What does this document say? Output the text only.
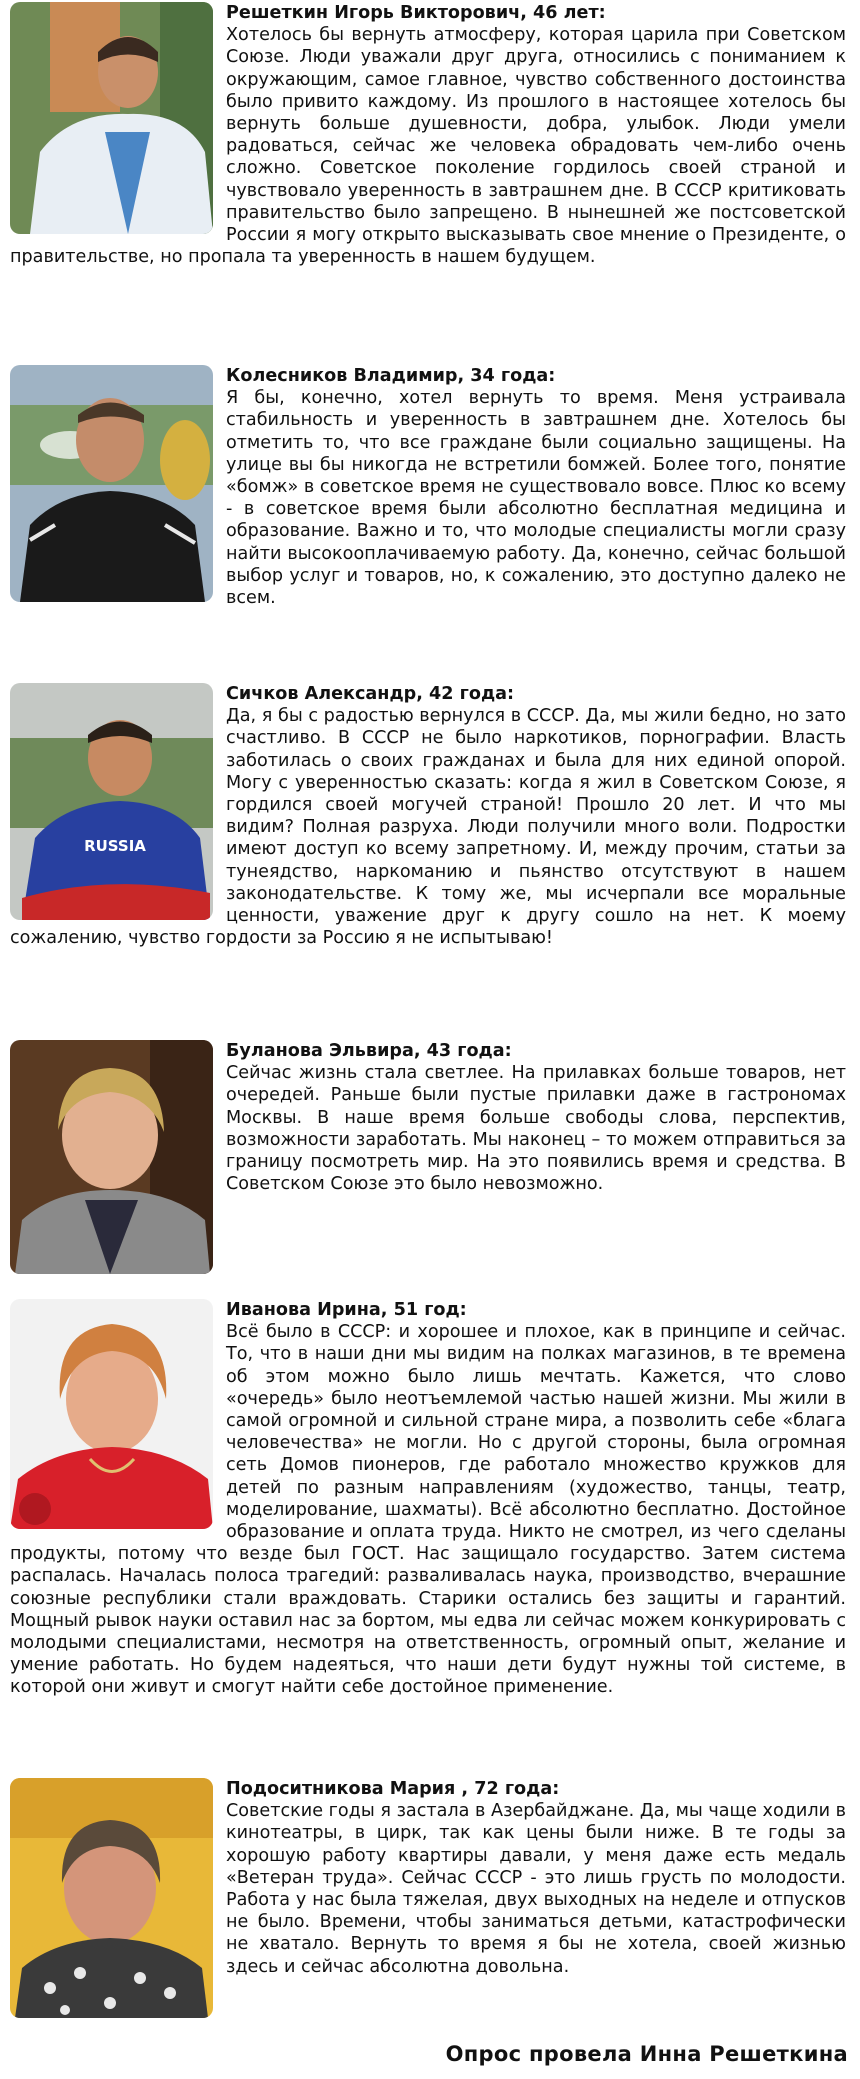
Решеткин Игорь Викторович, 46 лет:
Хотелось бы вернуть атмосферу, которая царила при Советском Союзе. Люди уважали друг друга, относились с пониманием к окружающим, самое главное, чувство собственного достоинства было привито каждому. Из прошлого в настоящее хотелось бы вернуть больше душевности, добра, улыбок. Люди умели радоваться, сейчас же человека обрадовать чем-либо очень сложно. Советское поколение гордилось своей страной и чувствовало уверенность в завтрашнем дне. В СССР критиковать правительство было запрещено. В нынешней же постсоветской России я могу открыто высказывать свое мнение о Президенте, о правительстве, но пропала та уверенность в нашем будущем.
Колесников Владимир, 34 года:
Я бы, конечно, хотел вернуть то время. Меня устраивала стабильность и уверенность в завтрашнем дне. Хотелось бы отметить то, что все граждане были социально защищены. На улице вы бы никогда не встретили бомжей. Более того, понятие «бомж» в советское время не существовало вовсе. Плюс ко всему - в советское время были абсолютно бесплатная медицина и образование. Важно и то, что молодые специалисты могли сразу найти высокооплачиваемую работу. Да, конечно, сейчас большой выбор услуг и товаров, но, к сожалению, это доступно далеко не всем.
RUSSIA
Сичков Александр, 42 года:
Да, я бы с радостью вернулся в СССР. Да, мы жили бедно, но зато счастливо. В СССР не было наркотиков, порнографии. Власть заботилась о своих гражданах и была для них единой опорой. Могу с уверенностью сказать: когда я жил в Советском Союзе, я гордился своей могучей страной! Прошло 20 лет. И что мы видим? Полная разруха. Люди получили много воли. Подростки имеют доступ ко всему запретному. И, между прочим, статьи за тунеядство, наркоманию и пьянство отсутствуют в нашем законодательстве. К тому же, мы исчерпали все моральные ценности, уважение друг к другу сошло на нет. К моему сожалению, чувство гордости за Россию я не испытываю!
Буланова Эльвира, 43 года:
Сейчас жизнь стала светлее. На прилавках больше товаров, нет очередей. Раньше были пустые прилавки даже в гастрономах Москвы. В наше время больше свободы слова, перспектив, возможности заработать. Мы наконец – то можем отправиться за границу посмотреть мир. На это появились время и средства. В Советском Союзе это было невозможно.
Иванова Ирина, 51 год:
Всё было в СССР: и хорошее и плохое, как в принципе и сейчас. То, что в наши дни мы видим на полках магазинов, в те времена об этом можно было лишь мечтать. Кажется, что слово «очередь» было неотъемлемой частью нашей жизни. Мы жили в самой огромной и сильной стране мира, а позволить себе «блага человечества» не могли. Но с другой стороны, была огромная сеть Домов пионеров, где работало множество кружков для детей по разным направлениям (художество, танцы, театр, моделирование, шахматы). Всё абсолютно бесплатно. Достойное образование и оплата труда. Никто не смотрел, из чего сделаны продукты, потому что везде был ГОСТ. Нас защищало государство. Затем система распалась. Началась полоса трагедий: разваливалась наука, производство, вчерашние союзные республики стали враждовать. Старики остались без защиты и гарантий. Мощный рывок науки оставил нас за бортом, мы едва ли сейчас можем конкурировать с молодыми специалистами, несмотря на ответственность, огромный опыт, желание и умение работать. Но будем надеяться, что наши дети будут нужны той системе, в которой они живут и смогут найти себе достойное применение.
Подоситникова Мария , 72 года:
Советские годы я застала в Азербайджане. Да, мы чаще ходили в кинотеатры, в цирк, так как цены были ниже. В те годы за хорошую работу квартиры давали, у меня даже есть медаль «Ветеран труда». Сейчас СССР - это лишь грусть по молодости. Работа у нас была тяжелая, двух выходных на неделе и отпусков не было. Времени, чтобы заниматься детьми, катастрофически не хватало. Вернуть то время я бы не хотела, своей жизнью здесь и сейчас абсолютна довольна.
Опрос провела Инна Решеткина
